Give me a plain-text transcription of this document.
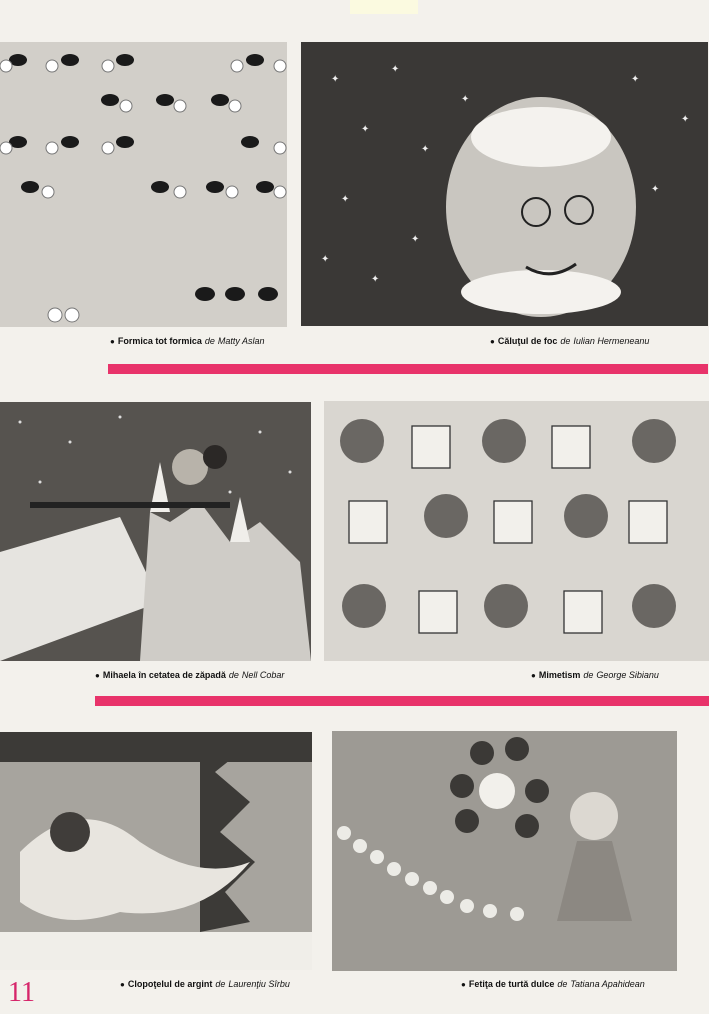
✦
✦
✦
✦
✦
✦
✦
✦
✦
✦
✦
✦
● Formica tot formica de Matty Aslan	● Căluţul de foc de Iulian Hermeneanu
● Mihaela în cetatea de zăpadă de Nell Cobar	● Mimetism de George Sibianu
● Clopoţelul de argint de Laurenţiu Sîrbu	● Fetiţa de turtă dulce de Tatiana Apahidean
11
